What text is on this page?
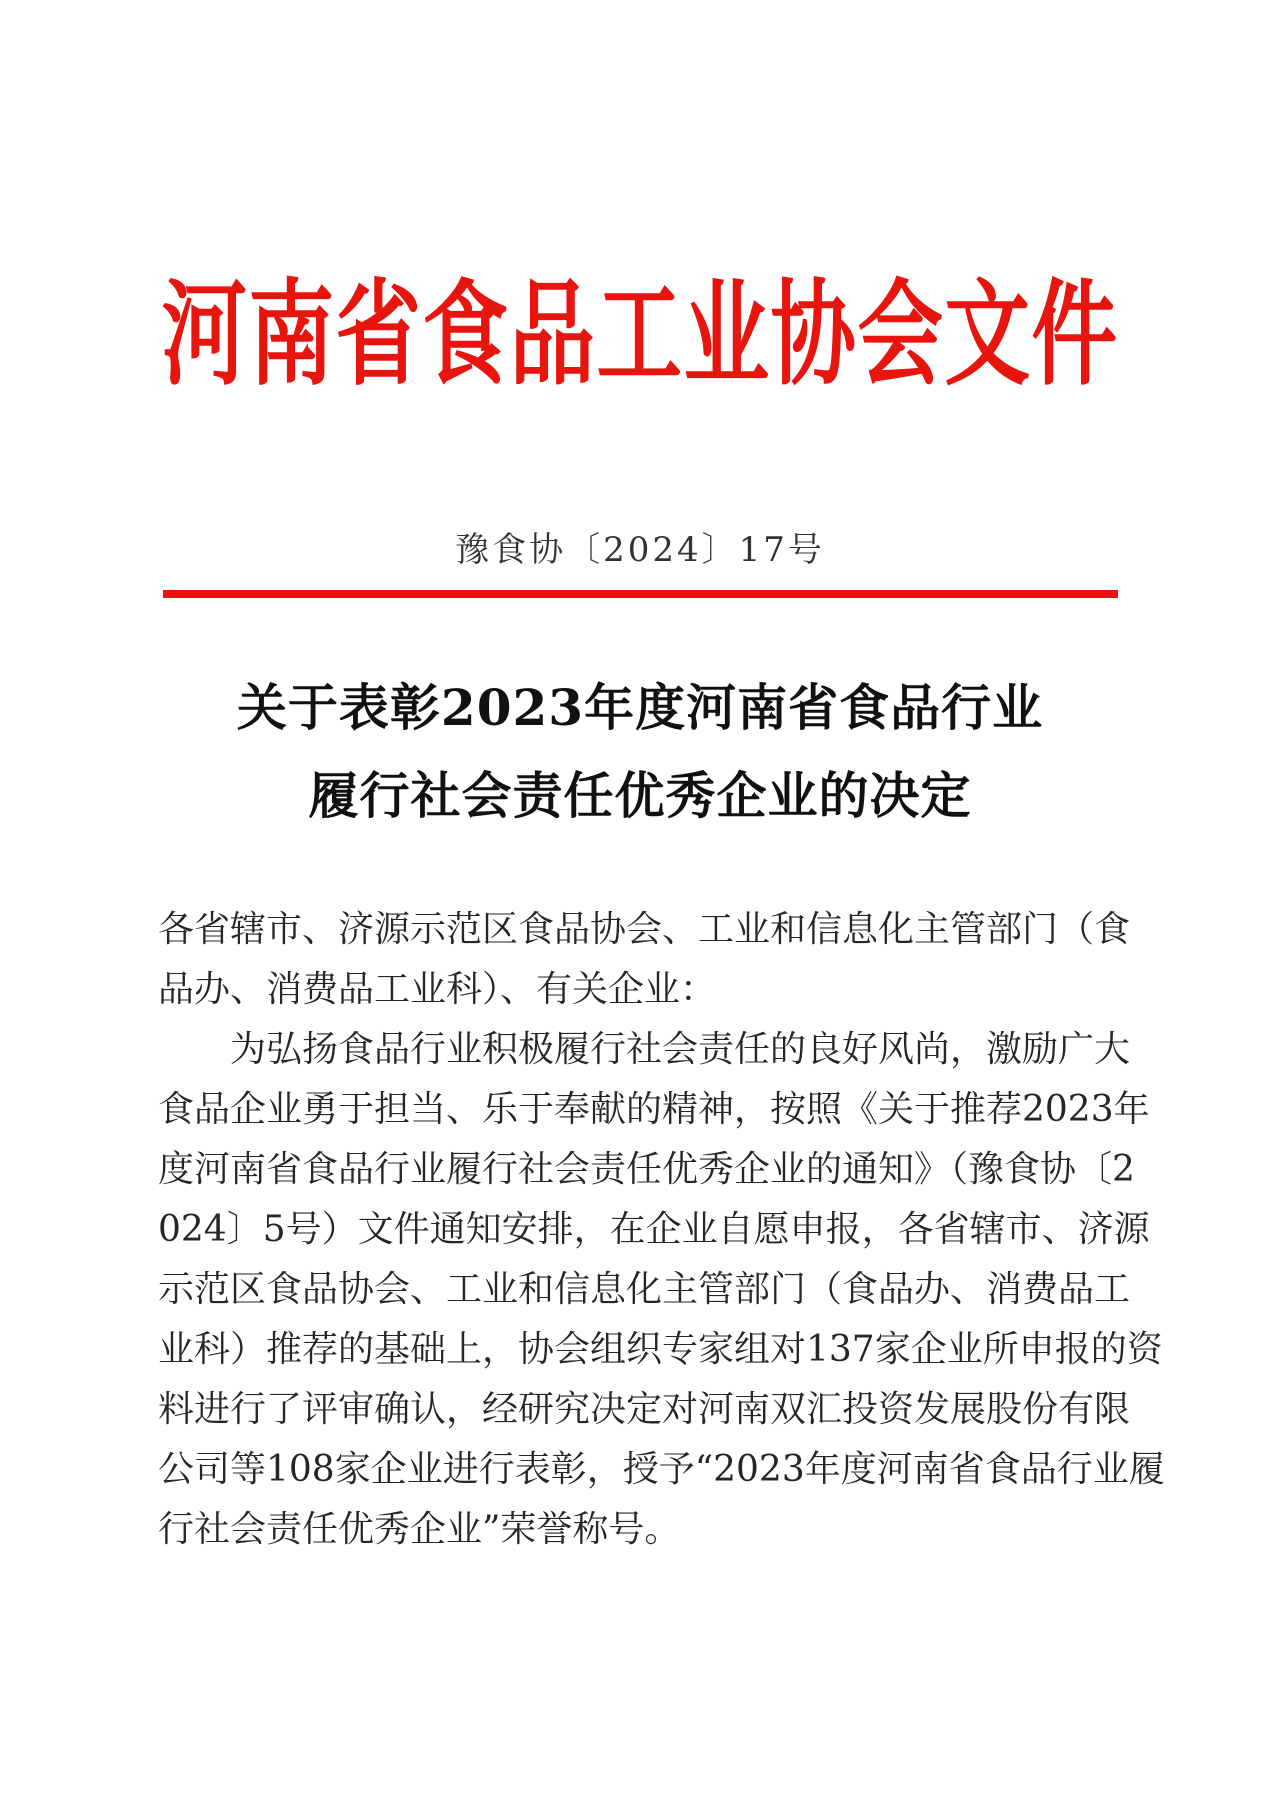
河南省食品工业协会文件
豫食协〔2024〕17号
关于表彰2023年度河南省食品行业
履行社会责任优秀企业的决定
各省辖市、济源示范区食品协会、工业和信息化主管部门（食
品办、消费品工业科）、有关企业：
　　为弘扬食品行业积极履行社会责任的良好风尚，激励广大
食品企业勇于担当、乐于奉献的精神，按照《关于推荐2023年
度河南省食品行业履行社会责任优秀企业的通知》（豫食协〔2
024〕5号）文件通知安排，在企业自愿申报，各省辖市、济源
示范区食品协会、工业和信息化主管部门（食品办、消费品工
业科）推荐的基础上，协会组织专家组对137家企业所申报的资
料进行了评审确认，经研究决定对河南双汇投资发展股份有限
公司等108家企业进行表彰，授予“2023年度河南省食品行业履
行社会责任优秀企业”荣誉称号。
